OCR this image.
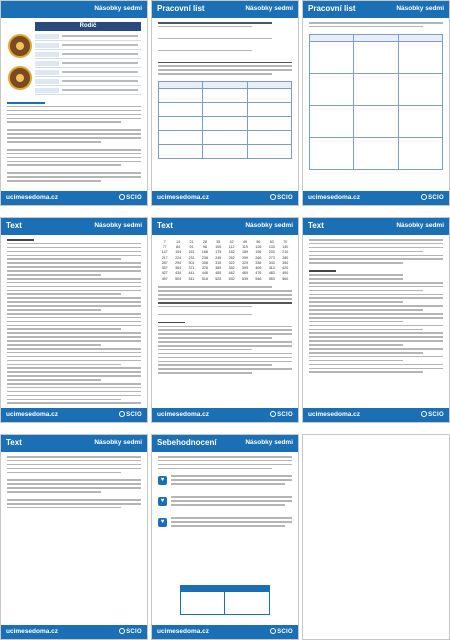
Násobky sedmi
Rodič
ucimesedoma.cz	SCIO
Pracovní list	Násobky sedmi

ucimesedoma.cz	SCIO
Pracovní list	Násobky sedmi

ucimesedoma.cz	SCIO
Text	Násobky sedmi
ucimesedoma.cz	SCIO
Text	Násobky sedmi
7	14	21	28	35	42	49	56	63	70
77	84	91	98	105	112	119	126	133	140
147	154	161	168	175	182	189	196	203	210
217	224	231	238	245	252	259	266	273	280
287	294	301	308	315	322	329	336	343	350
357	364	371	378	385	392	399	406	413	420
427	434	441	448	455	462	469	476	483	490
497	504	511	518	525	532	539	546	553	560
ucimesedoma.cz	SCIO
Text	Násobky sedmi
ucimesedoma.cz	SCIO
Text	Násobky sedmi
ucimesedoma.cz	SCIO
Sebehodnocení	Násobky sedmi
♥
♥
♥
ucimesedoma.cz	SCIO
